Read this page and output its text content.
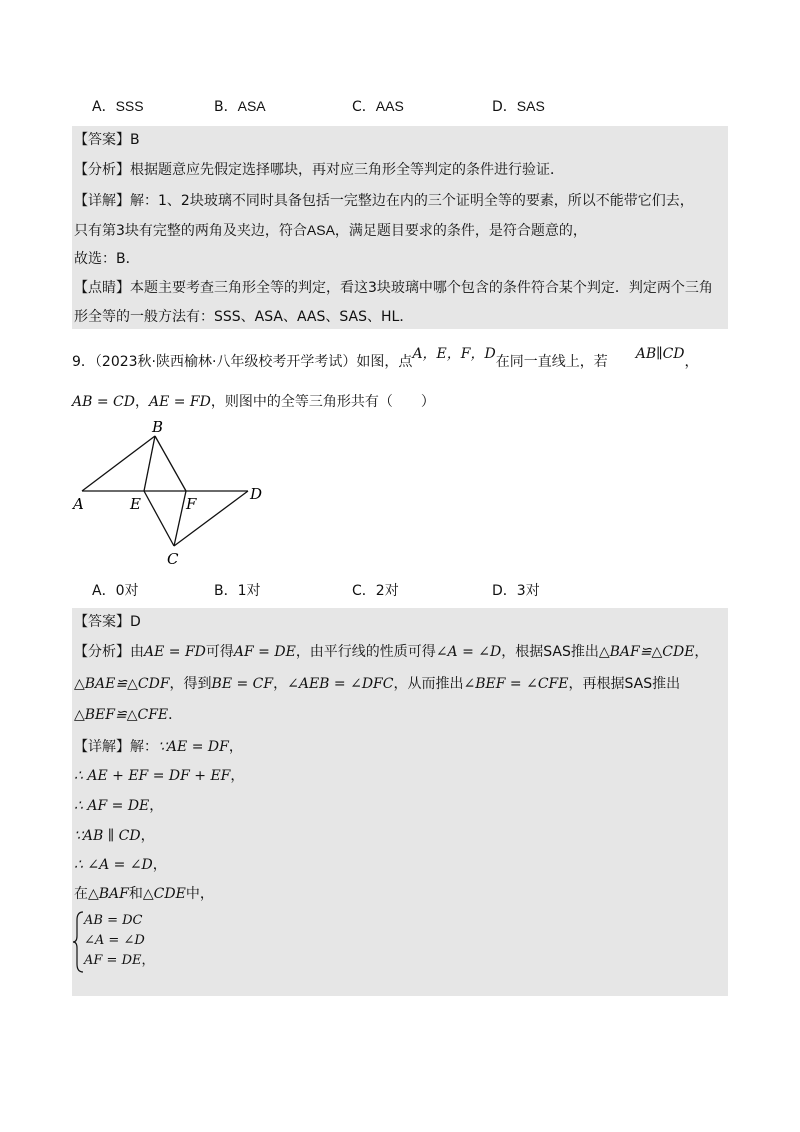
A．SSS	B．ASA	C．AAS	D．SAS
【答案】B
【分析】根据题意应先假定选择哪块，再对应三角形全等判定的条件进行验证．
【详解】解：1、2块玻璃不同时具备包括一完整边在内的三个证明全等的要素，所以不能带它们去，
只有第3块有完整的两角及夹边，符合ASA，满足题目要求的条件，是符合题意的，
故选：B．
【点睛】本题主要考查三角形全等的判定，看这3块玻璃中哪个包含的条件符合某个判定．判定两个三角
形全等的一般方法有：SSS、ASA、AAS、SAS、HL．
9．（2023秋·陕西榆林·八年级校考开学考试）如图，点A，E，F，D在同一直线上，若 AB∥CD，
AB = CD，AE = FD，则图中的全等三角形共有（　　）
A
B
C
D
E	F
A．0对	B．1对	C．2对	D．3对
【答案】D
【分析】由AE = FD可得AF = DE，由平行线的性质可得∠A = ∠D，根据SAS推出△BAF≌△CDE，
△BAE≌△CDF，得到BE = CF，∠AEB = ∠DFC，从而推出∠BEF = ∠CFE，再根据SAS推出
△BEF≌△CFE．
【详解】解：∵AE = DF，
∴ AE + EF = DF + EF，
∴ AF = DE，
∵AB ∥ CD，
∴ ∠A = ∠D，
在△BAF和△CDE中，
AB = DC
∠A = ∠D
AF = DE，
